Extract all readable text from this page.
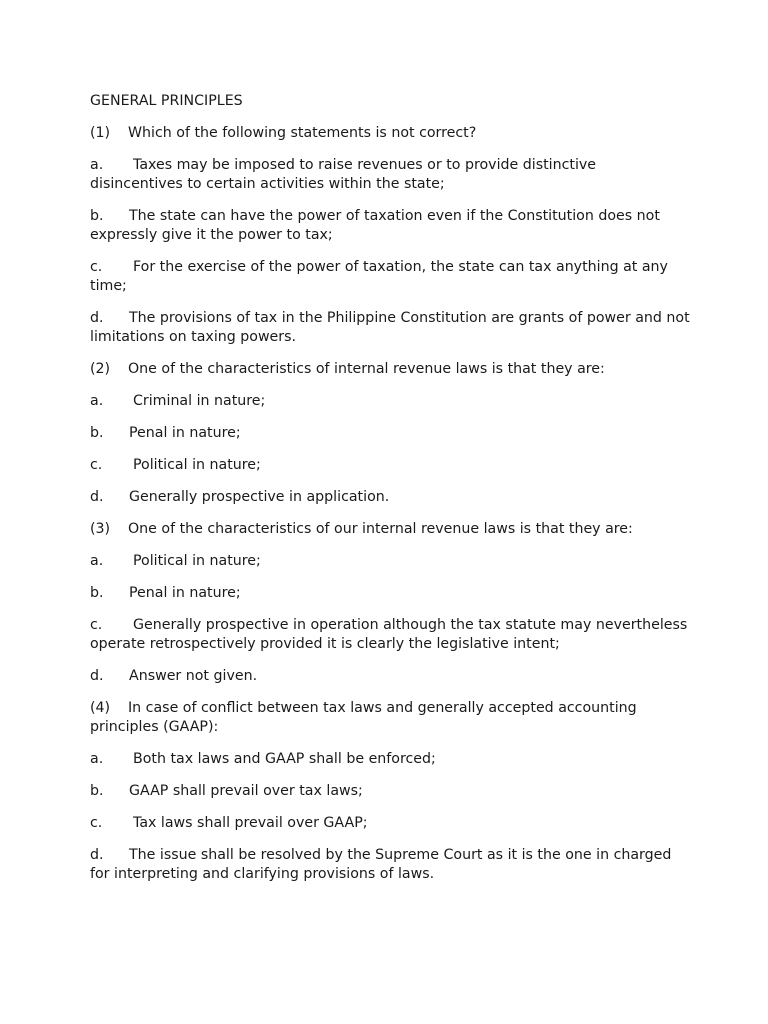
GENERAL PRINCIPLES
(1) Which of the following statements is not correct?
a. Taxes may be imposed to raise revenues or to provide distinctive disincentives to certain activities within the state;
b. The state can have the power of taxation even if the Constitution does not expressly give it the power to tax;
c. For the exercise of the power of taxation, the state can tax anything at any time;
d. The provisions of tax in the Philippine Constitution are grants of power and not limitations on taxing powers.
(2) One of the characteristics of internal revenue laws is that they are:
a. Criminal in nature;
b. Penal in nature;
c. Political in nature;
d. Generally prospective in application.
(3) One of the characteristics of our internal revenue laws is that they are:
a. Political in nature;
b. Penal in nature;
c. Generally prospective in operation although the tax statute may nevertheless operate retrospectively provided it is clearly the legislative intent;
d. Answer not given.
(4) In case of conflict between tax laws and generally accepted accounting principles (GAAP):
a. Both tax laws and GAAP shall be enforced;
b. GAAP shall prevail over tax laws;
c. Tax laws shall prevail over GAAP;
d. The issue shall be resolved by the Supreme Court as it is the one in charged for interpreting and clarifying provisions of laws.
